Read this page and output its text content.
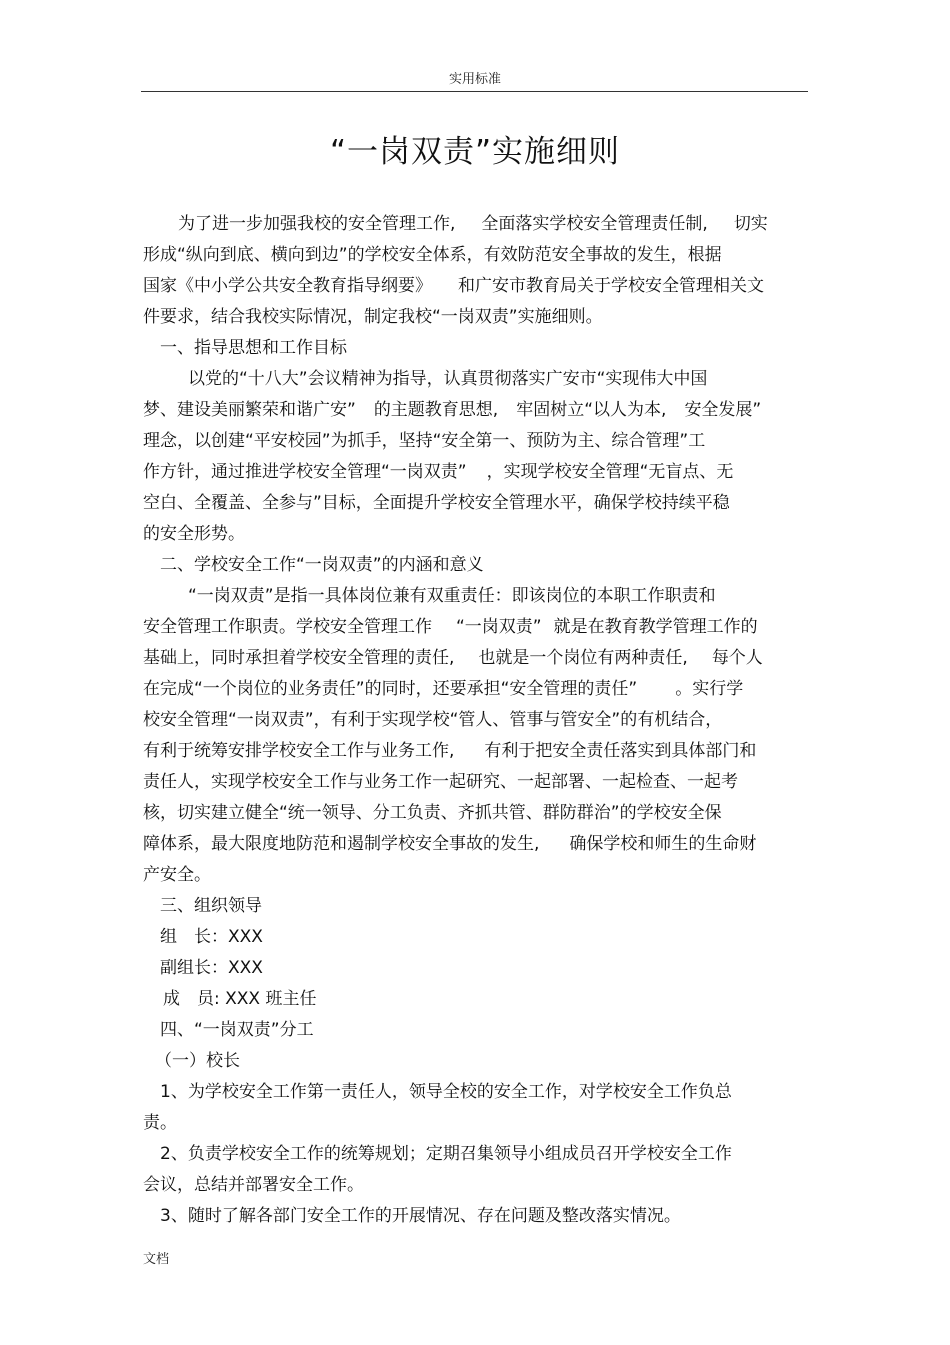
实用标准
“一岗双责”实施细则
为了进一步加强我校的安全管理工作, 全面落实学校安全管理责任制, 切实
形成“纵向到底、横向到边”的学校安全体系，有效防范安全事故的发生，根据
国家《中小学公共安全教育指导纲要》 和广安市教育局关于学校安全管理相关文
件要求，结合我校实际情况，制定我校“一岗双责”实施细则。
一、指导思想和工作目标
以党的“十八大”会议精神为指导，认真贯彻落实广安市“实现伟大中国
梦、建设美丽繁荣和谐广安” 的主题教育思想, 牢固树立“以人为本, 安全发展”
理念，以创建“平安校园”为抓手，坚持“安全第一、预防为主、综合管理”工
作方针，通过推进学校安全管理“一岗双责” ，实现学校安全管理“无盲点、无
空白、全覆盖、全参与”目标，全面提升学校安全管理水平，确保学校持续平稳
的安全形势。
二、学校安全工作“一岗双责”的内涵和意义
“一岗双责”是指一具体岗位兼有双重责任：即该岗位的本职工作职责和
安全管理工作职责。学校安全管理工作 “一岗双责” 就是在教育教学管理工作的
基础上，同时承担着学校安全管理的责任, 也就是一个岗位有两种责任, 每个人
在完成“一个岗位的业务责任”的同时，还要承担“安全管理的责任” 。实行学
校安全管理“一岗双责”，有利于实现学校“管人、管事与管安全”的有机结合，
有利于统筹安排学校安全工作与业务工作, 有利于把安全责任落实到具体部门和
责任人，实现学校安全工作与业务工作一起研究、一起部署、一起检查、一起考
核，切实建立健全“统一领导、分工负责、齐抓共管、群防群治”的学校安全保
障体系，最大限度地防范和遏制学校安全事故的发生, 确保学校和师生的生命财
产安全。
三、组织领导
组　长：XXX
副组长：XXX
成　员: XXX 班主任
四、“一岗双责”分工
（一）校长
1、为学校安全工作第一责任人，领导全校的安全工作，对学校安全工作负总
责。
2、负责学校安全工作的统筹规划；定期召集领导小组成员召开学校安全工作
会议，总结并部署安全工作。
3、随时了解各部门安全工作的开展情况、存在问题及整改落实情况。
文档
